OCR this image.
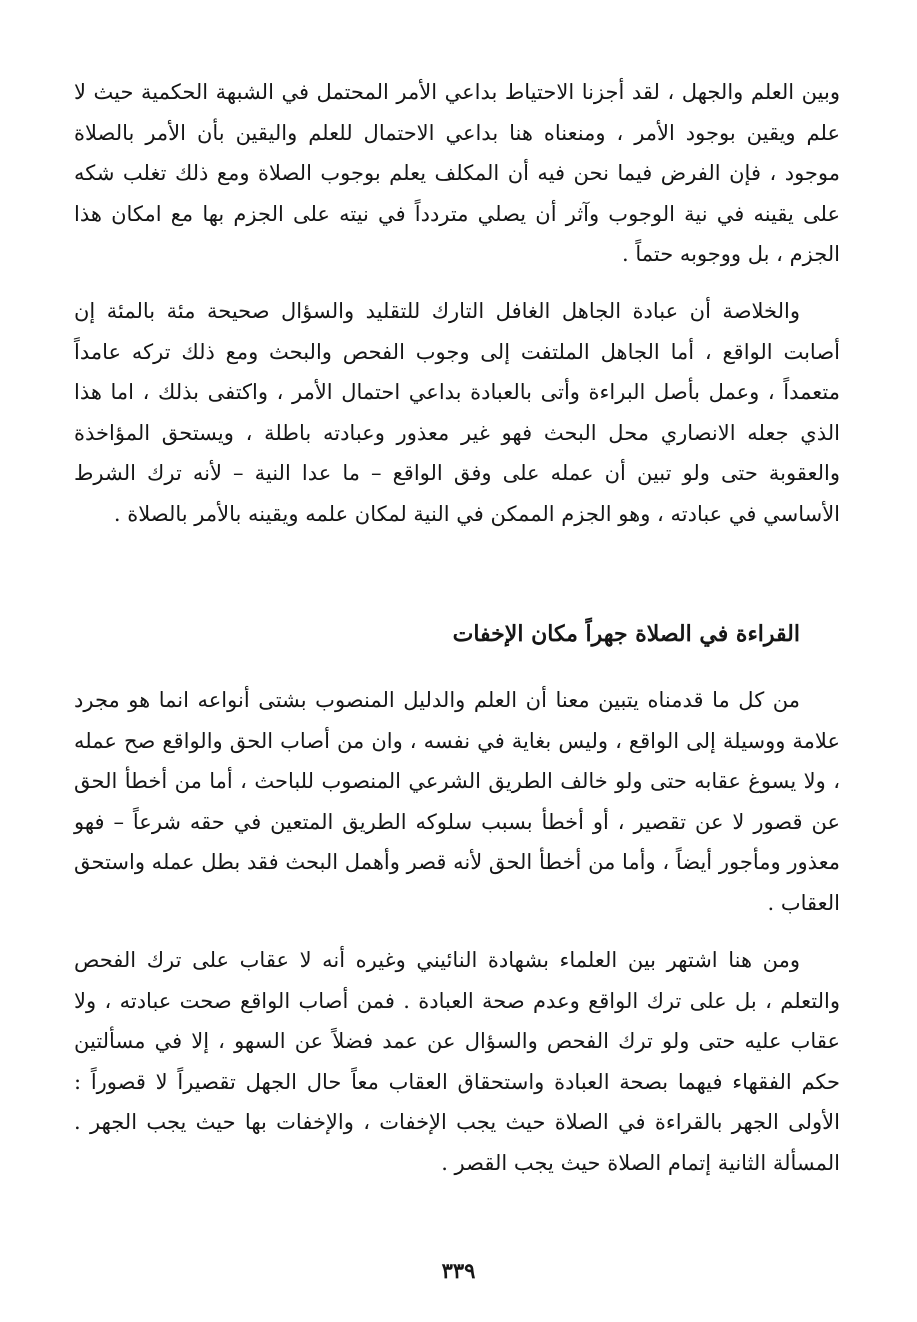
وبين العلم والجهل ، لقد أجزنا الاحتياط بداعي الأمر المحتمل في الشبهة الحكمية حيث لا علم ويقين بوجود الأمر ، ومنعناه هنا بداعي الاحتمال للعلم واليقين بأن الأمر بالصلاة موجود ، فإن الفرض فيما نحن فيه أن المكلف يعلم بوجوب الصلاة ومع ذلك تغلب شكه على يقينه في نية الوجوب وآثر أن يصلي متردداً في نيته على الجزم بها مع امكان هذا الجزم ، بل ووجوبه حتماً .

والخلاصة أن عبادة الجاهل الغافل التارك للتقليد والسؤال صحيحة مئة بالمئة إن أصابت الواقع ، أما الجاهل الملتفت إلى وجوب الفحص والبحث ومع ذلك تركه عامداً متعمداً ، وعمل بأصل البراءة وأتى بالعبادة بداعي احتمال الأمر ، واكتفى بذلك ، اما هذا الذي جعله الانصاري محل البحث فهو غير معذور وعبادته باطلة ، ويستحق المؤاخذة والعقوبة حتى ولو تبين أن عمله على وفق الواقع – ما عدا النية – لأنه ترك الشرط الأساسي في عبادته ، وهو الجزم الممكن في النية لمكان علمه ويقينه بالأمر بالصلاة .

القراءة في الصلاة جهراً مكان الإخفات

من كل ما قدمناه يتبين معنا أن العلم والدليل المنصوب بشتى أنواعه انما هو مجرد علامة ووسيلة إلى الواقع ، وليس بغاية في نفسه ، وان من أصاب الحق والواقع صح عمله ، ولا يسوغ عقابه حتى ولو خالف الطريق الشرعي المنصوب للباحث ، أما من أخطأ الحق عن قصور لا عن تقصير ، أو أخطأ بسبب سلوكه الطريق المتعين في حقه شرعاً – فهو معذور ومأجور أيضاً ، وأما من أخطأ الحق لأنه قصر وأهمل البحث فقد بطل عمله واستحق العقاب .

ومن هنا اشتهر بين العلماء بشهادة النائيني وغيره أنه لا عقاب على ترك الفحص والتعلم ، بل على ترك الواقع وعدم صحة العبادة . فمن أصاب الواقع صحت عبادته ، ولا عقاب عليه حتى ولو ترك الفحص والسؤال عن عمد فضلاً عن السهو ، إلا في مسألتين حكم الفقهاء فيهما بصحة العبادة واستحقاق العقاب معاً حال الجهل تقصيراً لا قصوراً : الأولى الجهر بالقراءة في الصلاة حيث يجب الإخفات ، والإخفات بها حيث يجب الجهر . المسألة الثانية إتمام الصلاة حيث يجب القصر .

٣٣٩
